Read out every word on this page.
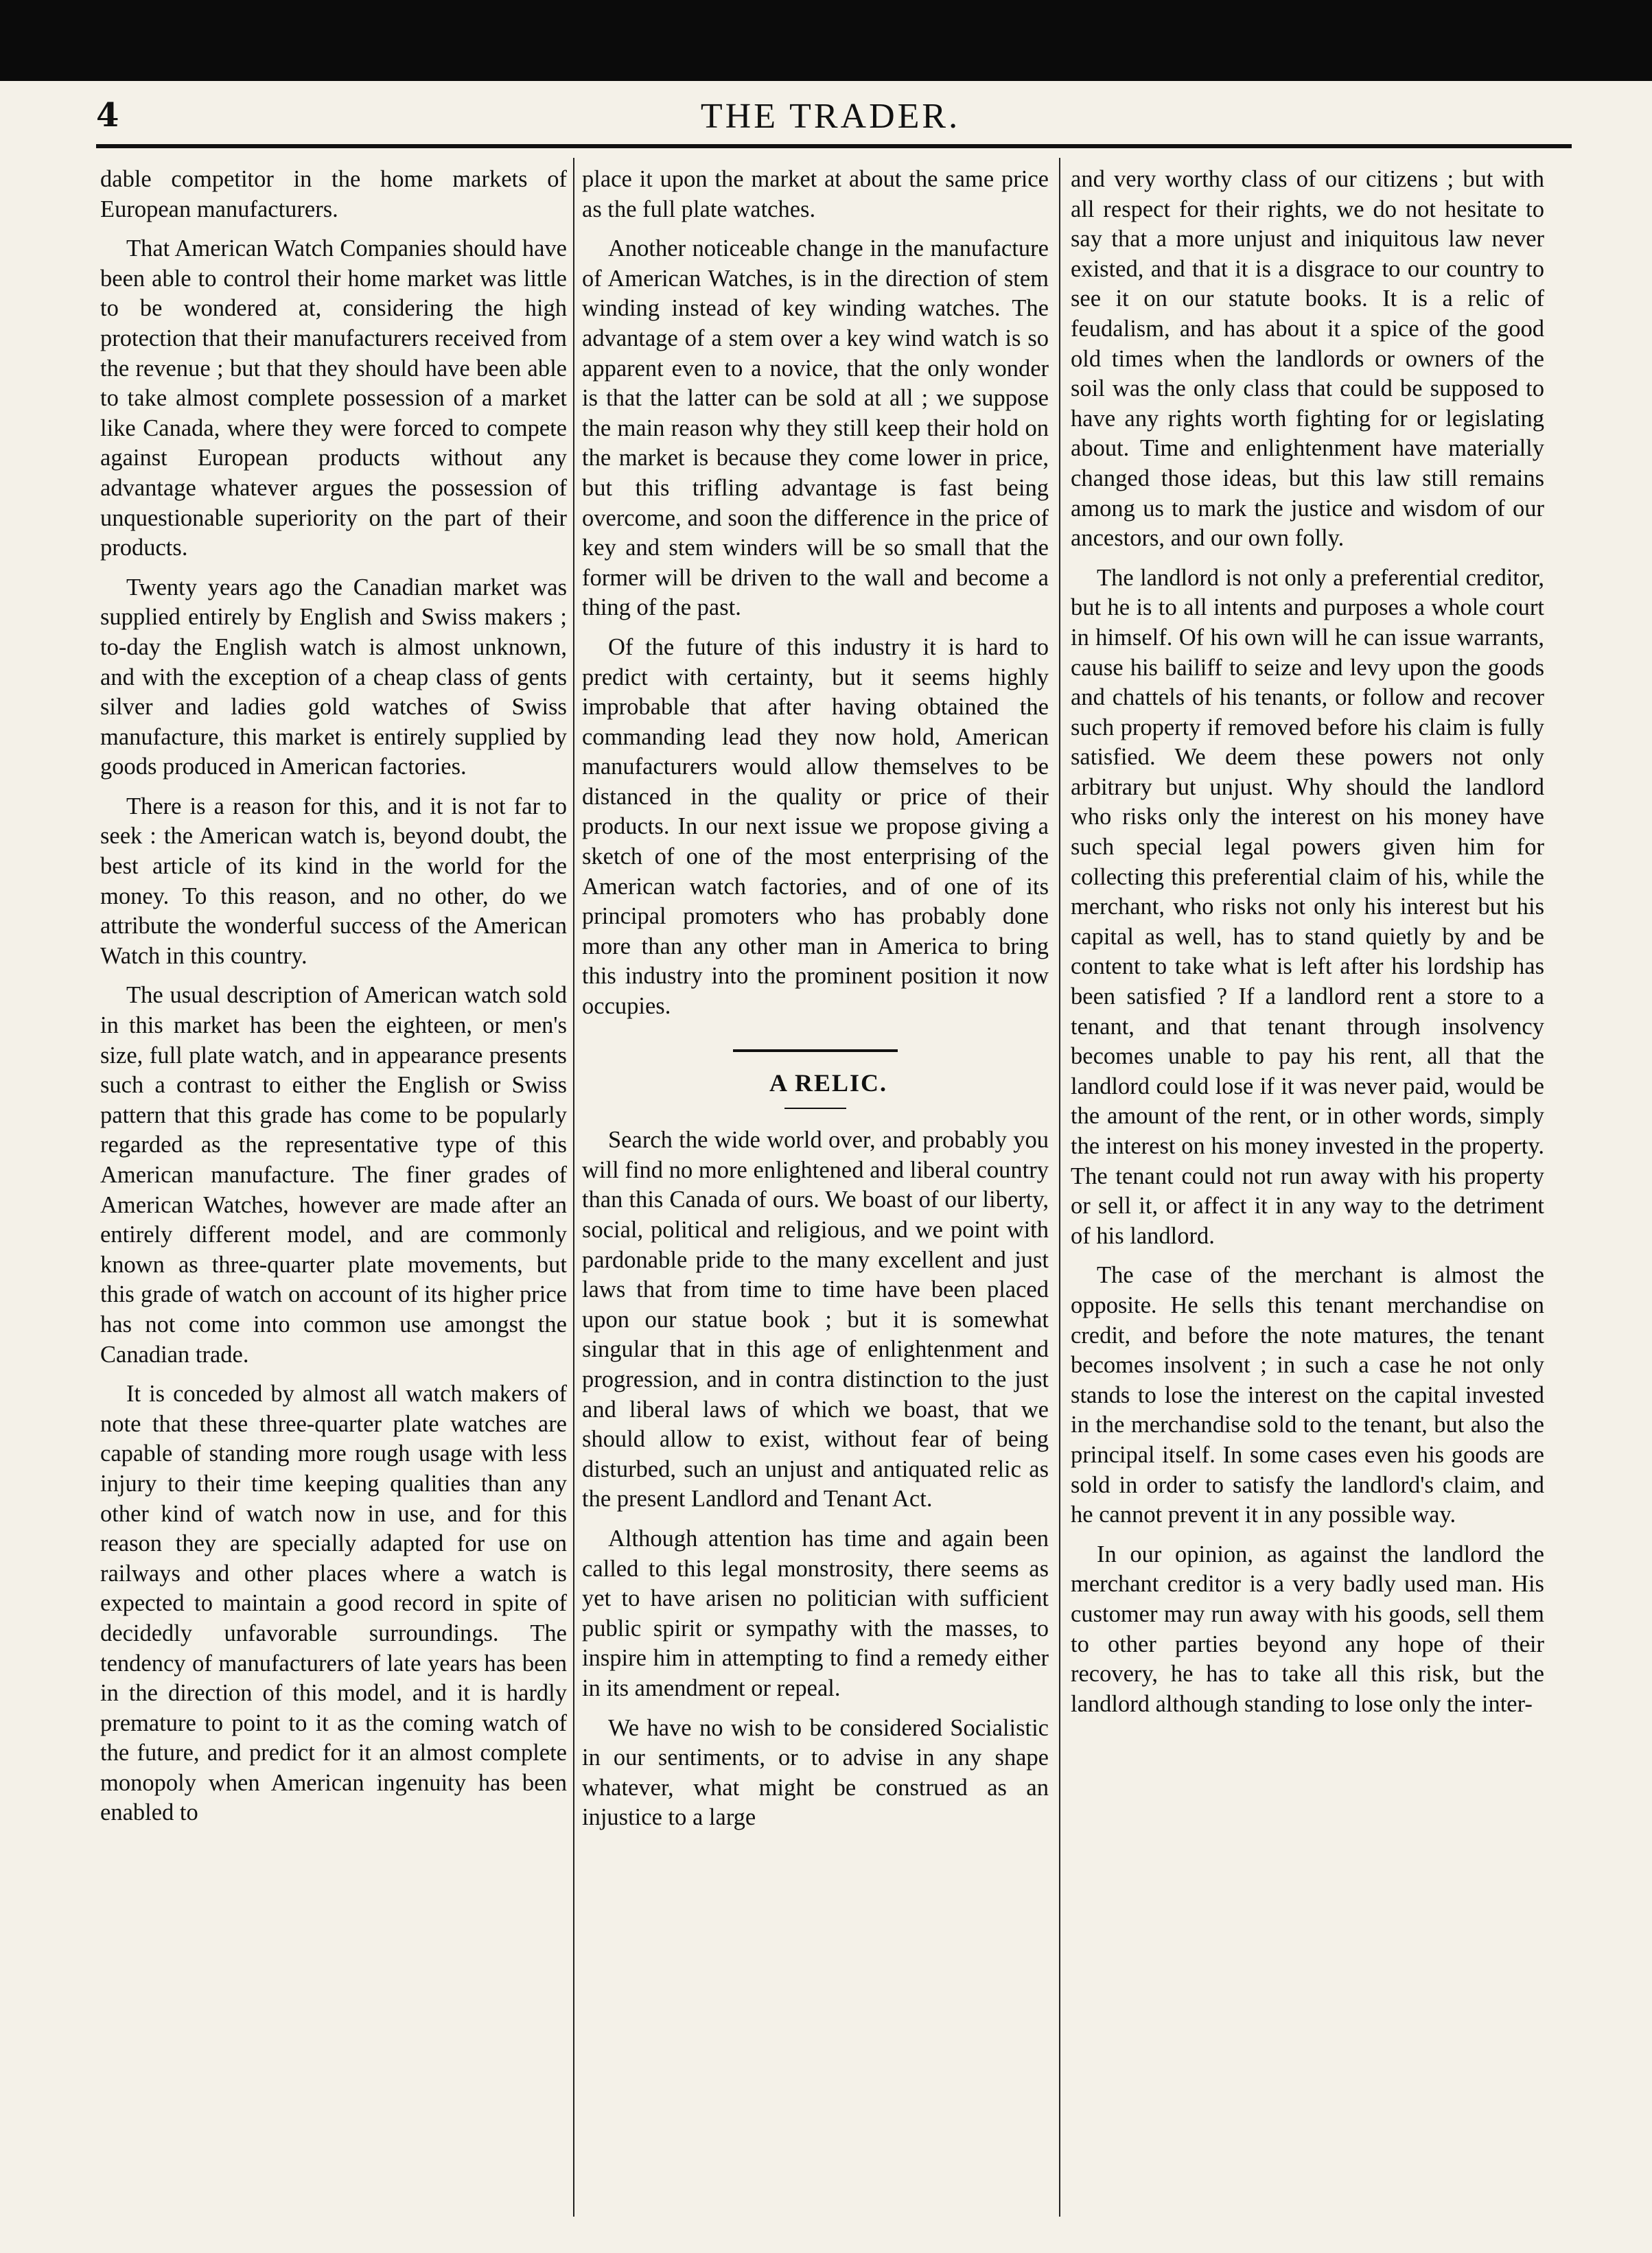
4	THE TRADER.

dable competitor in the home markets of European manufacturers.

That American Watch Companies should have been able to control their home market was little to be wondered at, considering the high protection that their manufacturers received from the revenue ; but that they should have been able to take almost complete possession of a market like Canada, where they were forced to compete against European products without any advantage whatever argues the possession of unquestionable superiority on the part of their products.

Twenty years ago the Canadian market was supplied entirely by English and Swiss makers ; to-day the English watch is almost unknown, and with the exception of a cheap class of gents silver and ladies gold watches of Swiss manufacture, this market is entirely supplied by goods produced in American factories.

There is a reason for this, and it is not far to seek : the American watch is, beyond doubt, the best article of its kind in the world for the money. To this reason, and no other, do we attribute the wonderful success of the American Watch in this country.

The usual description of American watch sold in this market has been the eighteen, or men's size, full plate watch, and in appearance presents such a contrast to either the English or Swiss pattern that this grade has come to be popularly regarded as the representative type of this American manufacture. The finer grades of American Watches, however are made after an entirely different model, and are commonly known as three-quarter plate movements, but this grade of watch on account of its higher price has not come into common use amongst the Canadian trade.

It is conceded by almost all watch makers of note that these three-quarter plate watches are capable of standing more rough usage with less injury to their time keeping qualities than any other kind of watch now in use, and for this reason they are specially adapted for use on railways and other places where a watch is expected to maintain a good record in spite of decidedly unfavorable surroundings. The tendency of manufacturers of late years has been in the direction of this model, and it is hardly premature to point to it as the coming watch of the future, and predict for it an almost complete monopoly when American ingenuity has been enabled to

place it upon the market at about the same price as the full plate watches.

Another noticeable change in the manufacture of American Watches, is in the direction of stem winding instead of key winding watches. The advantage of a stem over a key wind watch is so apparent even to a novice, that the only wonder is that the latter can be sold at all ; we suppose the main reason why they still keep their hold on the market is because they come lower in price, but this trifling advantage is fast being overcome, and soon the difference in the price of key and stem winders will be so small that the former will be driven to the wall and become a thing of the past.

Of the future of this industry it is hard to predict with certainty, but it seems highly improbable that after having obtained the commanding lead they now hold, American manufacturers would allow themselves to be distanced in the quality or price of their products. In our next issue we propose giving a sketch of one of the most enterprising of the American watch factories, and of one of its principal promoters who has probably done more than any other man in America to bring this industry into the prominent position it now occupies.

A RELIC.

Search the wide world over, and probably you will find no more enlightened and liberal country than this Canada of ours. We boast of our liberty, social, political and religious, and we point with pardonable pride to the many excellent and just laws that from time to time have been placed upon our statue book ; but it is somewhat singular that in this age of enlightenment and progression, and in contra distinction to the just and liberal laws of which we boast, that we should allow to exist, without fear of being disturbed, such an unjust and antiquated relic as the present Landlord and Tenant Act.

Although attention has time and again been called to this legal monstrosity, there seems as yet to have arisen no politician with sufficient public spirit or sympathy with the masses, to inspire him in attempting to find a remedy either in its amendment or repeal.

We have no wish to be considered Socialistic in our sentiments, or to advise in any shape whatever, what might be construed as an injustice to a large

and very worthy class of our citizens ; but with all respect for their rights, we do not hesitate to say that a more unjust and iniquitous law never existed, and that it is a disgrace to our country to see it on our statute books. It is a relic of feudalism, and has about it a spice of the good old times when the landlords or owners of the soil was the only class that could be supposed to have any rights worth fighting for or legislating about. Time and enlightenment have materially changed those ideas, but this law still remains among us to mark the justice and wisdom of our ancestors, and our own folly.

The landlord is not only a preferential creditor, but he is to all intents and purposes a whole court in himself. Of his own will he can issue warrants, cause his bailiff to seize and levy upon the goods and chattels of his tenants, or follow and recover such property if removed before his claim is fully satisfied. We deem these powers not only arbitrary but unjust. Why should the landlord who risks only the interest on his money have such special legal powers given him for collecting this preferential claim of his, while the merchant, who risks not only his interest but his capital as well, has to stand quietly by and be content to take what is left after his lordship has been satisfied ? If a landlord rent a store to a tenant, and that tenant through insolvency becomes unable to pay his rent, all that the landlord could lose if it was never paid, would be the amount of the rent, or in other words, simply the interest on his money invested in the property. The tenant could not run away with his property or sell it, or affect it in any way to the detriment of his landlord.

The case of the merchant is almost the opposite. He sells this tenant merchandise on credit, and before the note matures, the tenant becomes insolvent ; in such a case he not only stands to lose the interest on the capital invested in the merchandise sold to the tenant, but also the principal itself. In some cases even his goods are sold in order to satisfy the landlord's claim, and he cannot prevent it in any possible way.

In our opinion, as against the landlord the merchant creditor is a very badly used man. His customer may run away with his goods, sell them to other parties beyond any hope of their recovery, he has to take all this risk, but the landlord although standing to lose only the inter-
